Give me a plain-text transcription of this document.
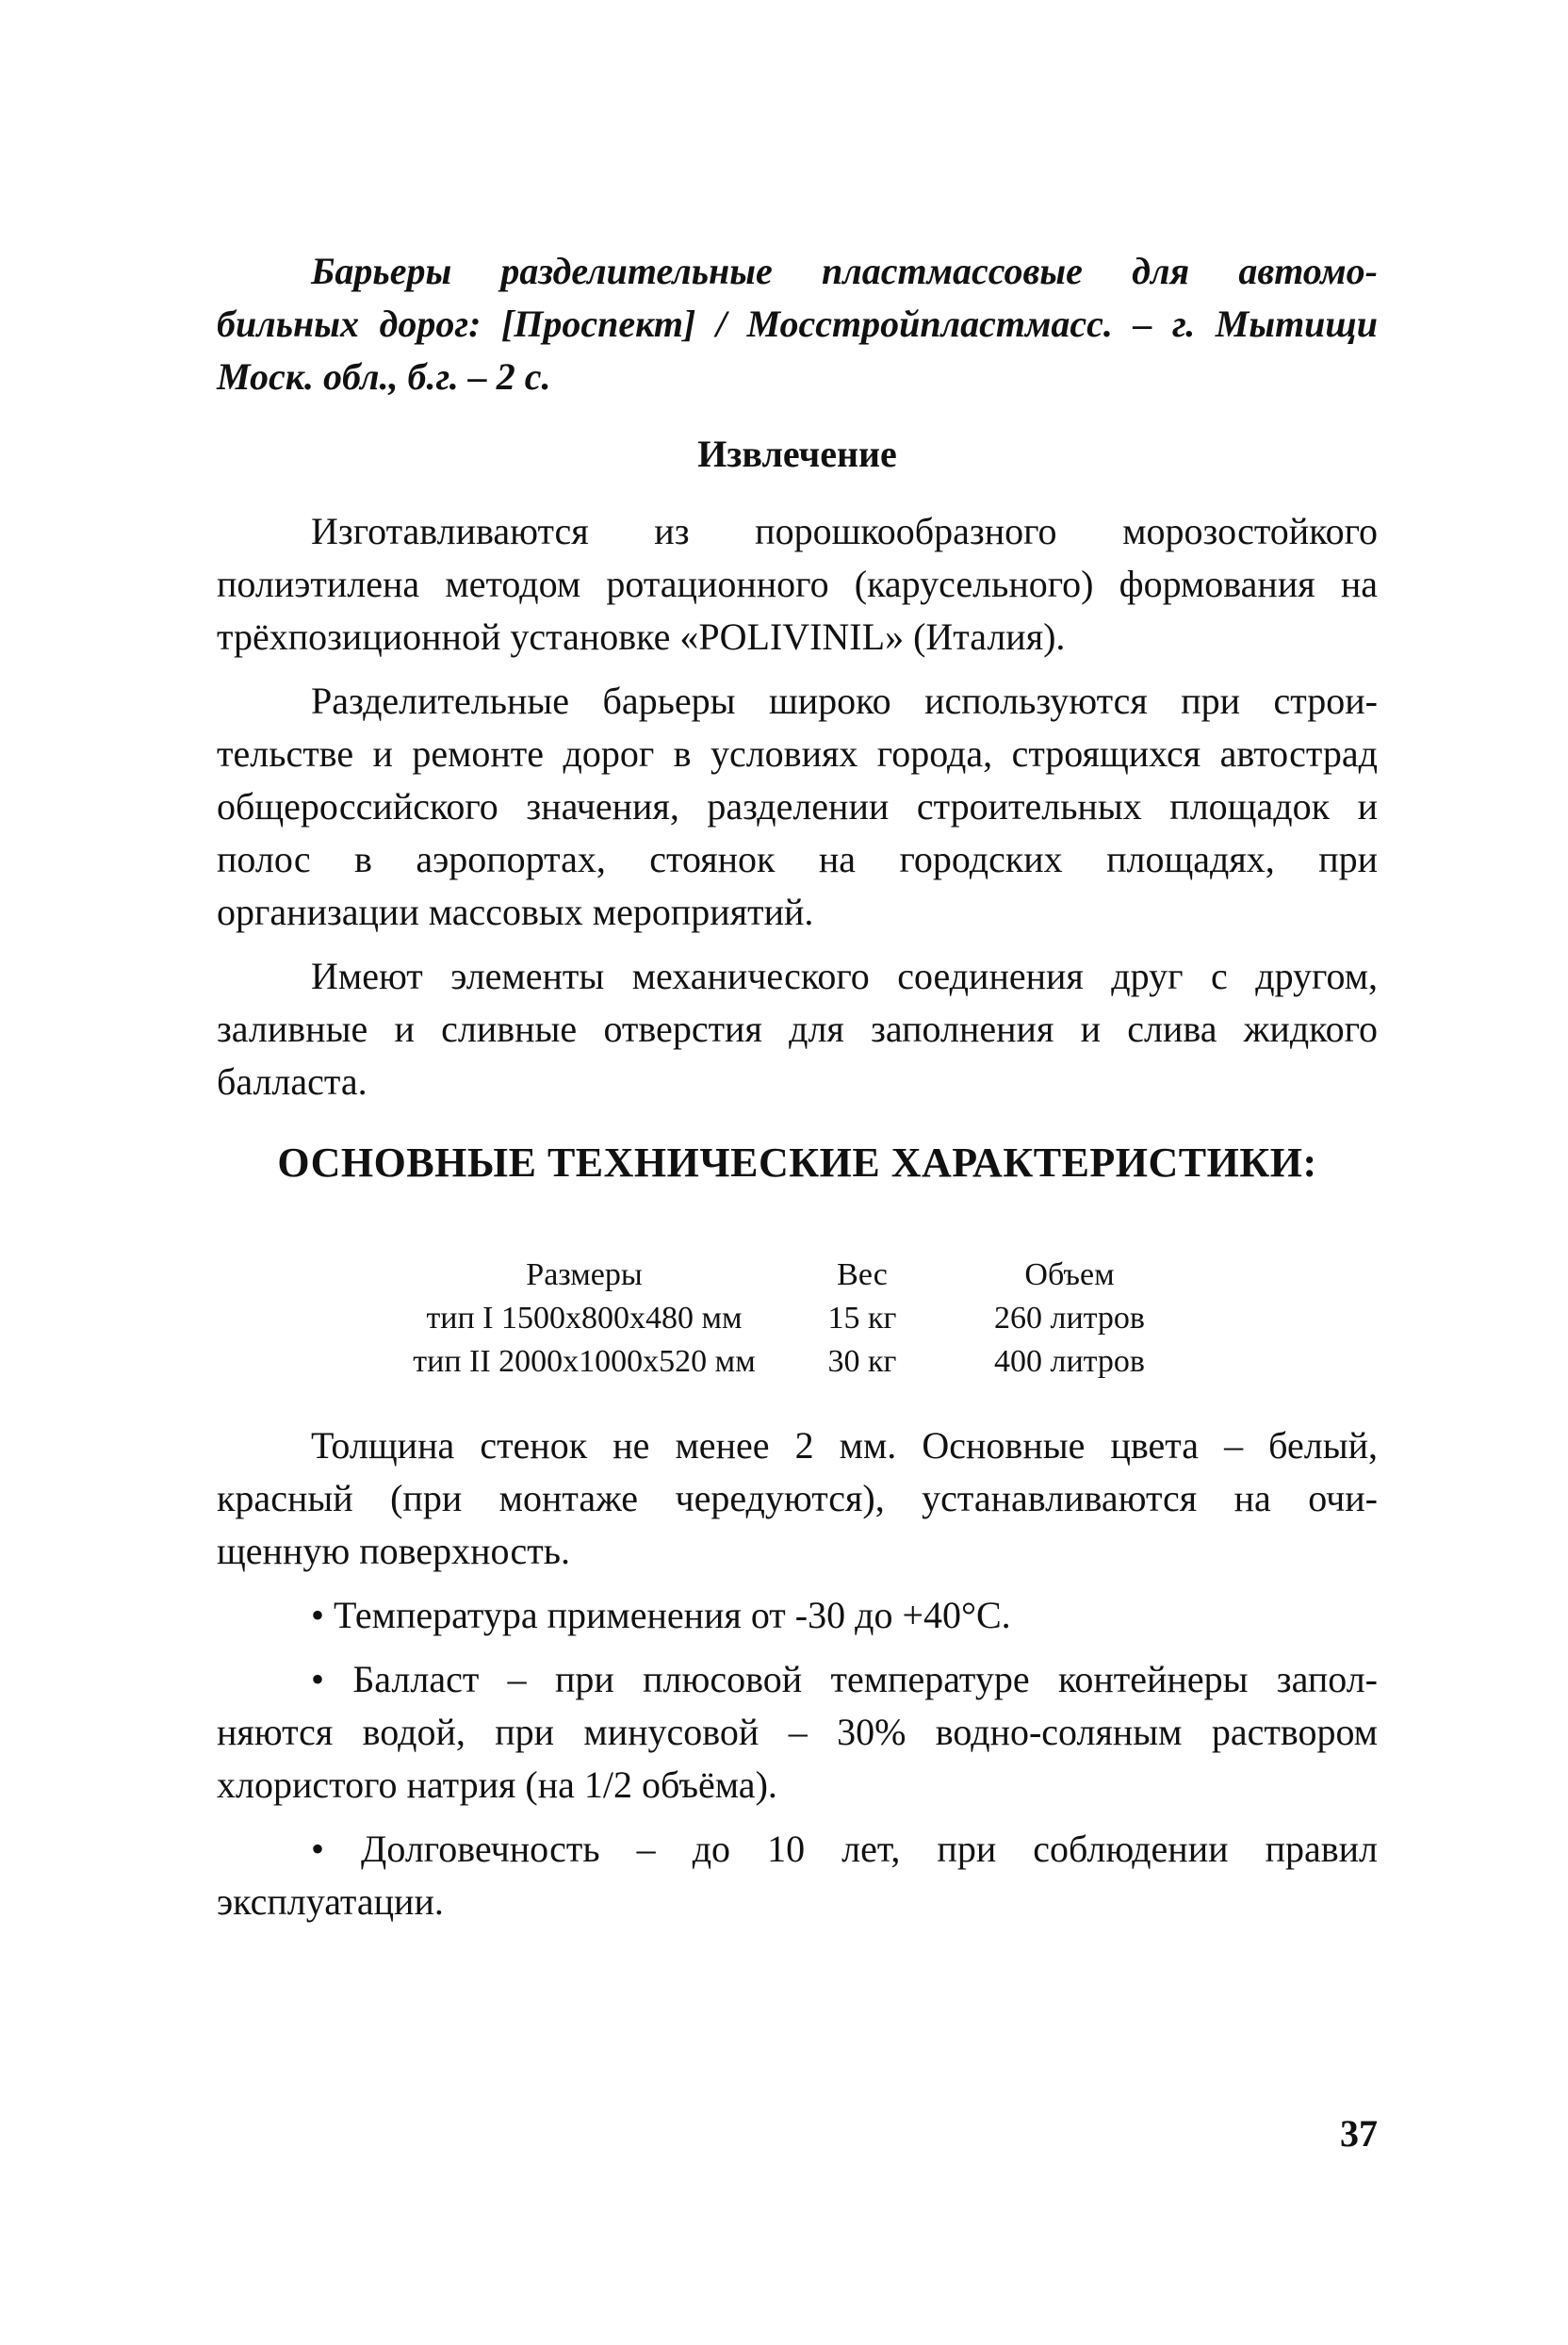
Барьеры разделительные пластмассовые для автомо-
бильных дорог: [Проспект] / Мосстройпластмасс. – г. Мытищи
Моск. обл., б.г. – 2 с.
Извлечение
Изготавливаются из порошкообразного морозостойкого
полиэтилена методом ротационного (карусельного) формования на
трёхпозиционной установке «POLIVINIL» (Италия).
Разделительные барьеры широко используются при строи-
тельстве и ремонте дорог в условиях города, строящихся автострад
общероссийского значения, разделении строительных площадок и
полос в аэропортах, стоянок на городских площадях, при
организации массовых мероприятий.
Имеют элементы механического соединения друг с другом,
заливные и сливные отверстия для заполнения и слива жидкого
балласта.
ОСНОВНЫЕ ТЕХНИЧЕСКИЕ ХАРАКТЕРИСТИКИ:
Размеры	Вес	Объем
тип I 1500х800х480 мм	15 кг	260 литров
тип II 2000х1000х520 мм	30 кг	400 литров
Толщина стенок не менее 2 мм. Основные цвета – белый,
красный (при монтаже чередуются), устанавливаются на очи-
щенную поверхность.
• Температура применения от -30 до +40°С.
• Балласт – при плюсовой температуре контейнеры запол-
няются водой, при минусовой – 30% водно-соляным раствором
хлористого натрия (на 1/2 объёма).
• Долговечность – до 10 лет, при соблюдении правил
эксплуатации.
37
